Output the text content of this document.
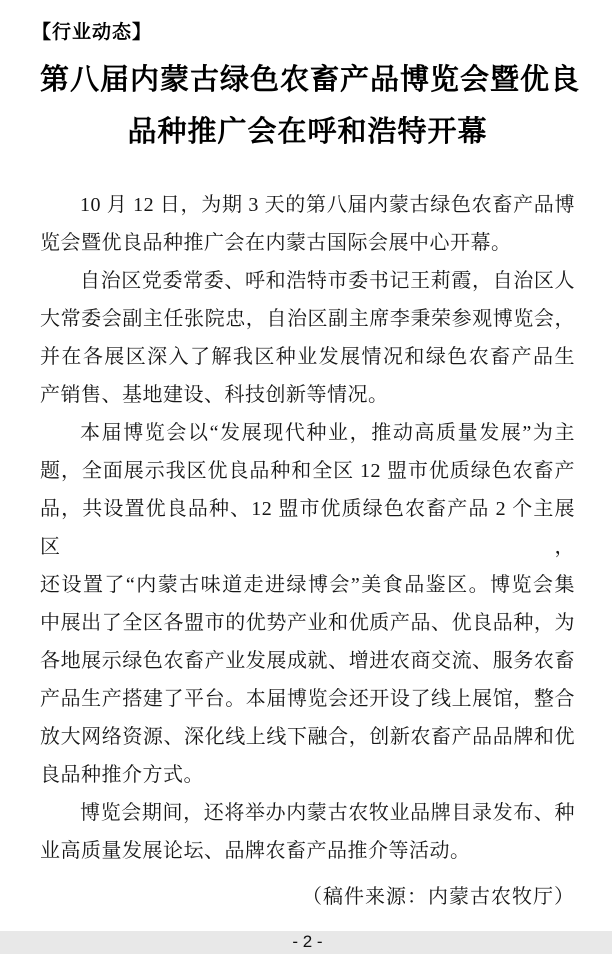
【行业动态】
第八届内蒙古绿色农畜产品博览会暨优良
品种推广会在呼和浩特开幕
10 月 12 日，为期 3 天的第八届内蒙古绿色农畜产品博
览会暨优良品种推广会在内蒙古国际会展中心开幕。
自治区党委常委、呼和浩特市委书记王莉霞，自治区人
大常委会副主任张院忠，自治区副主席李秉荣参观博览会，
并在各展区深入了解我区种业发展情况和绿色农畜产品生
产销售、基地建设、科技创新等情况。
本届博览会以“发展现代种业，推动高质量发展”为主
题，全面展示我区优良品种和全区 12 盟市优质绿色农畜产
品，共设置优良品种、12 盟市优质绿色农畜产品 2 个主展区，
还设置了“内蒙古味道走进绿博会”美食品鉴区。博览会集
中展出了全区各盟市的优势产业和优质产品、优良品种，为
各地展示绿色农畜产业发展成就、增进农商交流、服务农畜
产品生产搭建了平台。本届博览会还开设了线上展馆，整合
放大网络资源、深化线上线下融合，创新农畜产品品牌和优
良品种推介方式。
博览会期间，还将举办内蒙古农牧业品牌目录发布、种
业高质量发展论坛、品牌农畜产品推介等活动。
（稿件来源：内蒙古农牧厅）
- 2 -
